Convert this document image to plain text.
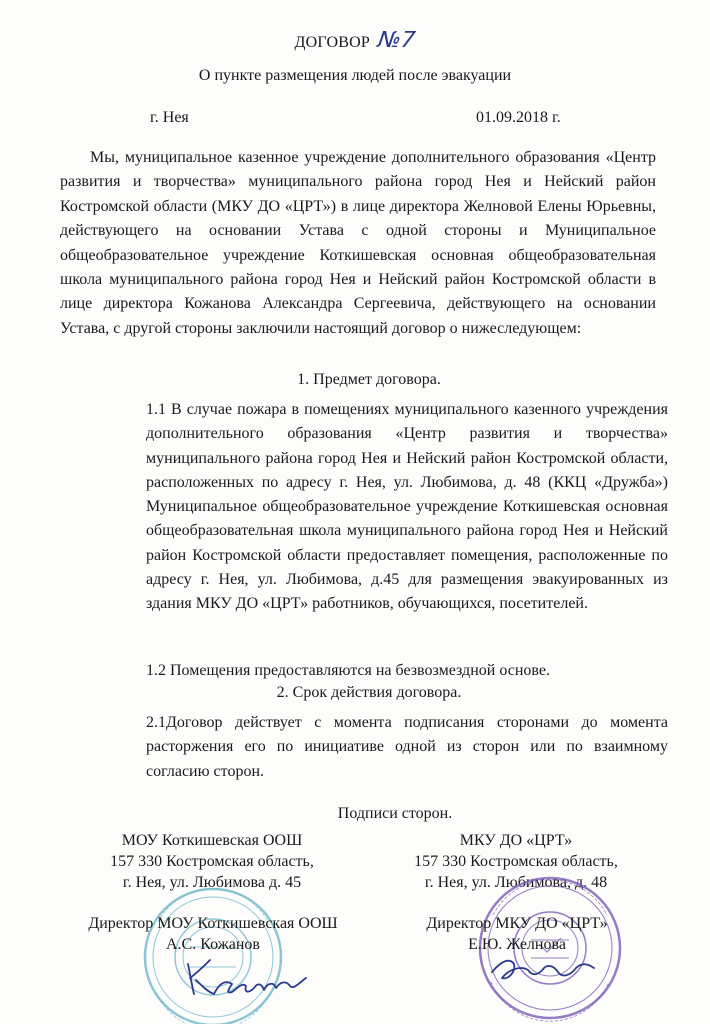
ДОГОВОР №7
О пункте размещения людей после эвакуации
г. Нея	01.09.2018 г.
Мы, муниципальное казенное учреждение дополнительного образования «Центр развития и творчества» муниципального района город Нея и Нейский район Костромской области (МКУ ДО «ЦРТ») в лице директора Желновой Елены Юрьевны, действующего на основании Устава с одной стороны и Муниципальное общеобразовательное учреждение Коткишевская основная общеобразовательная школа муниципального района город Нея и Нейский район Костромской области в лице директора Кожанова Александра Сергеевича, действующего на основании Устава, с другой стороны заключили настоящий договор о нижеследующем:
1. Предмет договора.
1.1 В случае пожара в помещениях муниципального казенного учреждения дополнительного образования «Центр развития и творчества» муниципального района город Нея и Нейский район Костромской области, расположенных по адресу г. Нея, ул. Любимова, д. 48 (ККЦ «Дружба») Муниципальное общеобразовательное учреждение Коткишевская основная общеобразовательная школа муниципального района город Нея и Нейский район Костромской области предоставляет помещения, расположенные по адресу г. Нея, ул. Любимова, д.45 для размещения эвакуированных из здания МКУ ДО «ЦРТ» работников, обучающихся, посетителей.
1.2 Помещения предоставляются на безвозмездной основе.
2. Срок действия договора.
2.1Договор действует с момента подписания сторонами до момента расторжения его по инициативе одной из сторон или по взаимному согласию сторон.
Подписи сторон.
МОУ Коткишевская ООШ
157 330 Костромская область,
г. Нея, ул. Любимова д. 45
МКУ ДО «ЦРТ»
157 330 Костромская область,
г. Нея, ул. Любимова, д. 48
Директор МОУ Коткишевская ООШ
А.С. Кожанов
Директор МКУ ДО «ЦРТ»
Е.Ю. Желнова
